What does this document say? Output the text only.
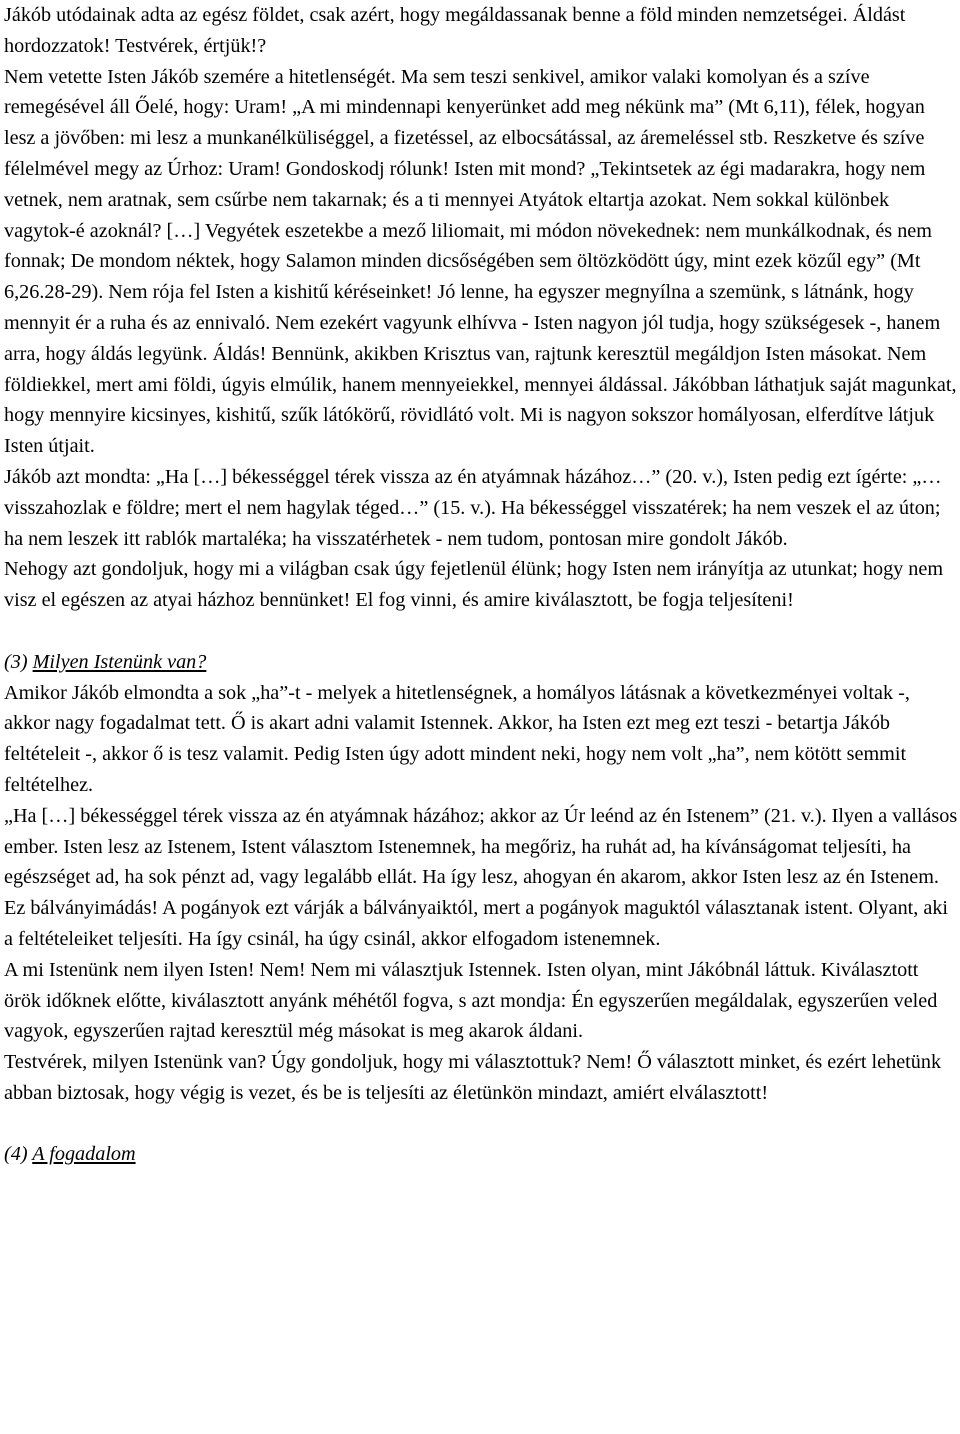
Jákób utódainak adta az egész földet, csak azért, hogy megáldassanak benne a föld minden nemzetségei. Áldást hordozzatok! Testvérek, értjük!?

Nem vetette Isten Jákób szemére a hitetlenségét. Ma sem teszi senkivel, amikor valaki komolyan és a szíve remegésével áll Őelé, hogy: Uram! „A mi mindennapi kenyerünket add meg nékünk ma” (Mt 6,11), félek, hogyan lesz a jövőben: mi lesz a munkanélküliséggel, a fizetéssel, az elbocsátással, az áremeléssel stb. Reszketve és szíve félelmével megy az Úrhoz: Uram! Gondoskodj rólunk! Isten mit mond? „Tekintsetek az égi madarakra, hogy nem vetnek, nem aratnak, sem csűrbe nem takarnak; és a ti mennyei Atyátok eltartja azokat. Nem sokkal különbek vagytok-é azoknál? […] Vegyétek eszetekbe a mező liliomait, mi módon növekednek: nem munkálkodnak, és nem fonnak; De mondom néktek, hogy Salamon minden dicsőségében sem öltözködött úgy, mint ezek közűl egy” (Mt 6,26.28-29). Nem rója fel Isten a kishitű kéréseinket! Jó lenne, ha egyszer megnyílna a szemünk, s látnánk, hogy mennyit ér a ruha és az ennivaló. Nem ezekért vagyunk elhívva - Isten nagyon jól tudja, hogy szükségesek -, hanem arra, hogy áldás legyünk. Áldás! Bennünk, akikben Krisztus van, rajtunk keresztül megáldjon Isten másokat. Nem földiekkel, mert ami földi, úgyis elmúlik, hanem mennyeiekkel, mennyei áldással. Jákóbban láthatjuk saját magunkat, hogy mennyire kicsinyes, kishitű, szűk látókörű, rövidlátó volt. Mi is nagyon sokszor homályosan, elferdítve látjuk Isten útjait.

Jákób azt mondta: „Ha […] békességgel térek vissza az én atyámnak házához…” (20. v.), Isten pedig ezt ígérte: „…visszahozlak e földre; mert el nem hagylak téged…” (15. v.). Ha békességgel visszatérek; ha nem veszek el az úton; ha nem leszek itt rablók martaléka; ha visszatérhetek - nem tudom, pontosan mire gondolt Jákób.

Nehogy azt gondoljuk, hogy mi a világban csak úgy fejetlenül élünk; hogy Isten nem irányítja az utunkat; hogy nem visz el egészen az atyai házhoz bennünket! El fog vinni, és amire kiválasztott, be fogja teljesíteni!

(3) Milyen Istenünk van?

Amikor Jákób elmondta a sok „ha”-t - melyek a hitetlenségnek, a homályos látásnak a következményei voltak -, akkor nagy fogadalmat tett. Ő is akart adni valamit Istennek. Akkor, ha Isten ezt meg ezt teszi - betartja Jákób feltételeit -, akkor ő is tesz valamit. Pedig Isten úgy adott mindent neki, hogy nem volt „ha”, nem kötött semmit feltételhez.

„Ha […] békességgel térek vissza az én atyámnak házához; akkor az Úr leénd az én Istenem” (21. v.). Ilyen a vallásos ember. Isten lesz az Istenem, Istent választom Istenemnek, ha megőriz, ha ruhát ad, ha kívánságomat teljesíti, ha egészséget ad, ha sok pénzt ad, vagy legalább ellát. Ha így lesz, ahogyan én akarom, akkor Isten lesz az én Istenem. Ez bálványimádás! A pogányok ezt várják a bálványaiktól, mert a pogányok maguktól választanak istent. Olyant, aki a feltételeiket teljesíti. Ha így csinál, ha úgy csinál, akkor elfogadom istenemnek.

A mi Istenünk nem ilyen Isten! Nem! Nem mi választjuk Istennek. Isten olyan, mint Jákóbnál láttuk. Kiválasztott örök időknek előtte, kiválasztott anyánk méhétől fogva, s azt mondja: Én egyszerűen megáldalak, egyszerűen veled vagyok, egyszerűen rajtad keresztül még másokat is meg akarok áldani.

Testvérek, milyen Istenünk van? Úgy gondoljuk, hogy mi választottuk? Nem! Ő választott minket, és ezért lehetünk abban biztosak, hogy végig is vezet, és be is teljesíti az életünkön mindazt, amiért elválasztott!

(4) A fogadalom
